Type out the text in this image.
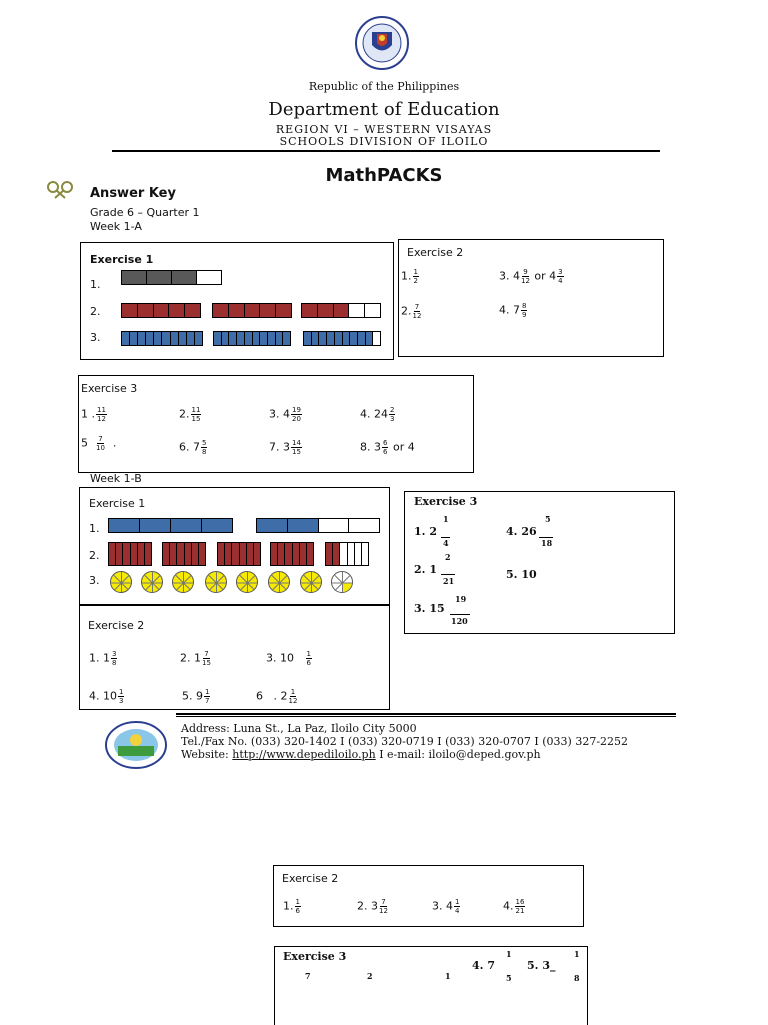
Republic of the Philippines
Department of Education
REGION VI – WESTERN VISAYAS
SCHOOLS DIVISION OF ILOILO
MathPACKS
Answer Key
Grade 6 – Quarter 1
Week 1-A
Exercise 1
1.
2.
3.
Exercise 2
1. $\frac{1}{2}$
2. $\frac{7}{12}$
3. $4 \frac{9}{12}$ or $4 \frac{3}{4}$
4. $7 \frac{8}{9}$
Exercise 3
1 . $\frac{11}{12}$	2. $\frac{11}{15}$	3. $4 \frac{19}{20}$	4. $24 \frac{2}{3}$
$5 \frac{7}{10}$ .	6. $7 \frac{5}{8}$	7. $3 \frac{14}{15}$	8. $3 \frac{6}{6}$ or 4
Week 1-B
Exercise 1
1.
2.
3.
Exercise 2
1. $1 \frac{3}{8}$	2. $1 \frac{7}{15}$	3. $10 \frac{1}{6}$
4. $10 \frac{1}{3}$	5. $9 \frac{1}{7}$	6 . $2 \frac{1}{12}$
Exercise 3
1. 2
1
4
2. 1
2
21
3. 15
19
120
4. 26
5
18
5. 10
Address: Luna St., La Paz, Iloilo City 5000
Tel./Fax No. (033) 320-1402 I (033) 320-0719 I (033) 320-0707 I (033) 327-2252
Website: http://www.depediloilo.ph I e-mail: iloilo@deped.gov.ph
Exercise 2
1. $\frac{1}{6}$	2. $3 \frac{7}{12}$	3. $4 \frac{1}{4}$	4. $\frac{16}{21}$
Exercise 3
7	2	1
4. 7
1
5
5. 3_
1
8
